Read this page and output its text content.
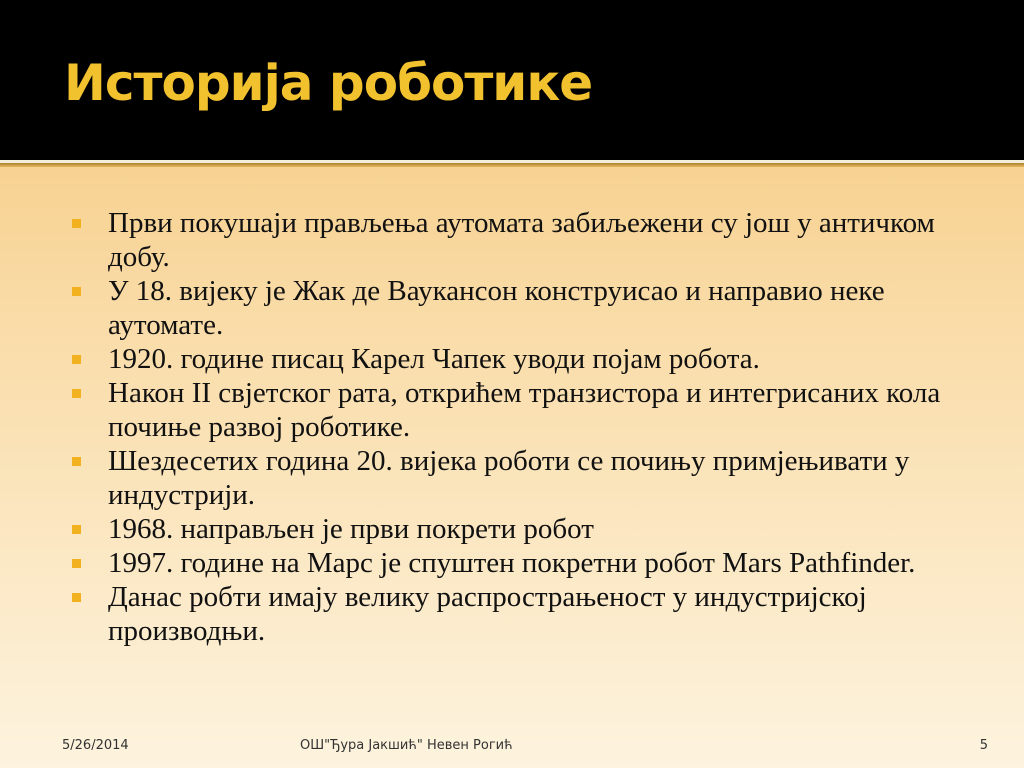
Историја роботике
Први покушаји прављења аутомата забиљежени су још у античком добу.
У 18. вијеку је Жак де Ваукансон конструисао и направио неке аутомате.
1920. године писац Карел Чапек уводи појам робота.
Након II свјетског рата, открићем транзистора и интегрисаних кола почиње развој роботике.
Шездесетих година 20. вијека роботи се почињу примјењивати у индустрији.
1968. направљен је први покрети робот
1997. године на Марс је спуштен покретни робот Mars Pathfinder.
Данас робти имају велику распрострањеност у индустријској производњи.
5/26/2014	ОШ"Ђура Јакшић" Невен Рогић	5
